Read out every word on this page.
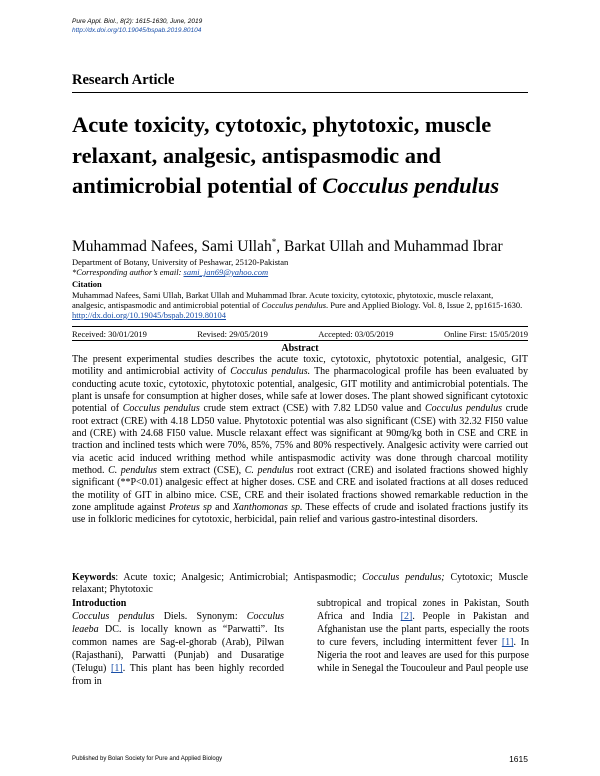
Pure Appl. Biol., 8(2): 1615-1630, June, 2019
http://dx.doi.org/10.19045/bspab.2019.80104
Research Article
Acute toxicity, cytotoxic, phytotoxic, muscle relaxant, analgesic, antispasmodic and antimicrobial potential of Cocculus pendulus
Muhammad Nafees, Sami Ullah*, Barkat Ullah and Muhammad Ibrar
Department of Botany, University of Peshawar, 25120-Pakistan
*Corresponding author’s email: sami_jan69@yahoo.com
Citation
Muhammad Nafees, Sami Ullah, Barkat Ullah and Muhammad Ibrar. Acute toxicity, cytotoxic, phytotoxic, muscle relaxant, analgesic, antispasmodic and antimicrobial potential of Cocculus pendulus. Pure and Applied Biology. Vol. 8, Issue 2, pp1615-1630. http://dx.doi.org/10.19045/bspab.2019.80104
Received: 30/01/2019	Revised: 29/05/2019	Accepted: 03/05/2019	Online First: 15/05/2019
Abstract
The present experimental studies describes the acute toxic, cytotoxic, phytotoxic potential, analgesic, GIT motility and antimicrobial activity of Cocculus pendulus. The pharmacological profile has been evaluated by conducting acute toxic, cytotoxic, phytotoxic potential, analgesic, GIT motility and antimicrobial potentials. The plant is unsafe for consumption at higher doses, while safe at lower doses. The plant showed significant cytotoxic potential of Cocculus pendulus crude stem extract (CSE) with 7.82 LD50 value and Cocculus pendulus crude root extract (CRE) with 4.18 LD50 value. Phytotoxic potential was also significant (CSE) with 32.32 FI50 value and (CRE) with 24.68 FI50 value. Muscle relaxant effect was significant at 90mg/kg both in CSE and CRE in traction and inclined tests which were 70%, 85%, 75% and 80% respectively. Analgesic activity were carried out via acetic acid induced writhing method while antispasmodic activity was done through charcoal motility method. C. pendulus stem extract (CSE), C. pendulus root extract (CRE) and isolated fractions showed highly significant (**P<0.01) analgesic effect at higher doses. CSE and CRE and isolated fractions at all doses reduced the motility of GIT in albino mice. CSE, CRE and their isolated fractions showed remarkable reduction in the zone amplitude against Proteus sp and Xanthomonas sp. These effects of crude and isolated fractions justify its use in folkloric medicines for cytotoxic, herbicidal, pain relief and various gastro-intestinal disorders.
Keywords: Acute toxic; Analgesic; Antimicrobial; Antispasmodic; Cocculus pendulus; Cytotoxic; Muscle relaxant; Phytotoxic
Introduction
Cocculus pendulus Diels. Synonym: Cocculus leaeba DC. is locally known as “Parwatti”. Its common names are Sag-el-ghorab (Arab), Pilwan (Rajasthani), Parwatti (Punjab) and Dusaratige (Telugu) [1]. This plant has been highly recorded from in
subtropical and tropical zones in Pakistan, South Africa and India [2]. People in Pakistan and Afghanistan use the plant parts, especially the roots to cure fevers, including intermittent fever [1]. In Nigeria the root and leaves are used for this purpose while in Senegal the Toucouleur and Paul people use
Published by Bolan Society for Pure and Applied Biology	1615
